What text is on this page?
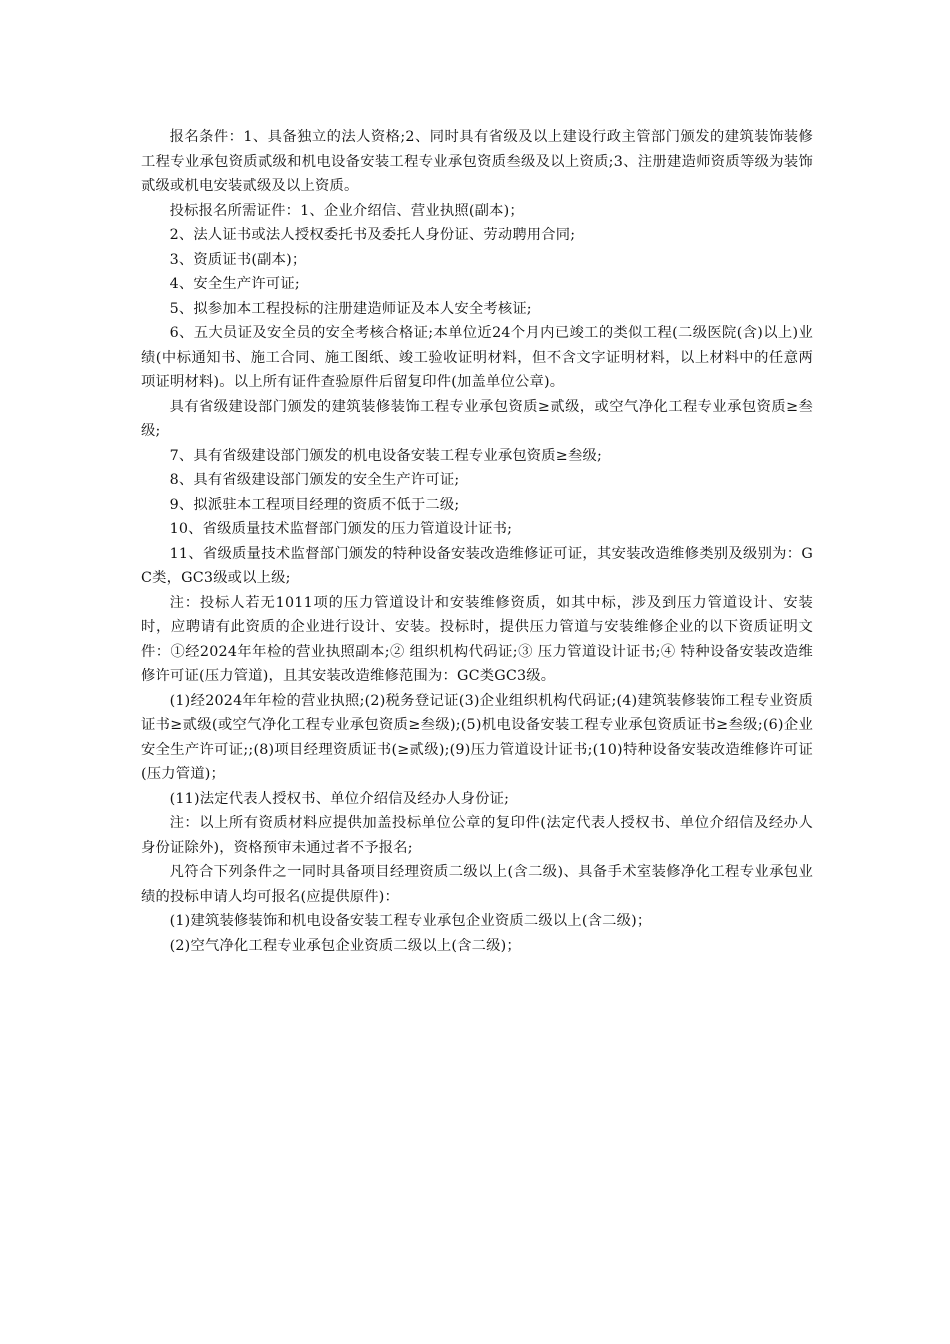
报名条件：1、具备独立的法人资格;2、同时具有省级及以上建设行政主管部门颁发的建筑装饰装修工程专业承包资质贰级和机电设备安装工程专业承包资质叁级及以上资质;3、注册建造师资质等级为装饰贰级或机电安装贰级及以上资质。

投标报名所需证件：1、企业介绍信、营业执照(副本)；

2、法人证书或法人授权委托书及委托人身份证、劳动聘用合同;

3、资质证书(副本)；

4、安全生产许可证;

5、拟参加本工程投标的注册建造师证及本人安全考核证;

6、五大员证及安全员的安全考核合格证;本单位近24个月内已竣工的类似工程(二级医院(含)以上)业绩(中标通知书、施工合同、施工图纸、竣工验收证明材料，但不含文字证明材料，以上材料中的任意两项证明材料)。以上所有证件查验原件后留复印件(加盖单位公章)。

具有省级建设部门颁发的建筑装修装饰工程专业承包资质≥贰级，或空气净化工程专业承包资质≥叁级;

7、具有省级建设部门颁发的机电设备安装工程专业承包资质≥叁级;

8、具有省级建设部门颁发的安全生产许可证;

9、拟派驻本工程项目经理的资质不低于二级;

10、省级质量技术监督部门颁发的压力管道设计证书;

11、省级质量技术监督部门颁发的特种设备安装改造维修证可证，其安装改造维修类别及级别为：GC类，GC3级或以上级;

注：投标人若无1011项的压力管道设计和安装维修资质，如其中标，涉及到压力管道设计、安装时，应聘请有此资质的企业进行设计、安装。投标时，提供压力管道与安装维修企业的以下资质证明文件：①经2024年年检的营业执照副本;② 组织机构代码证;③ 压力管道设计证书;④ 特种设备安装改造维修许可证(压力管道)，且其安装改造维修范围为：GC类GC3级。

(1)经2024年年检的营业执照;(2)税务登记证(3)企业组织机构代码证;(4)建筑装修装饰工程专业资质证书≥贰级(或空气净化工程专业承包资质≥叁级);(5)机电设备安装工程专业承包资质证书≥叁级;(6)企业安全生产许可证;;(8)项目经理资质证书(≥贰级);(9)压力管道设计证书;(10)特种设备安装改造维修许可证(压力管道)；

(11)法定代表人授权书、单位介绍信及经办人身份证;

注：以上所有资质材料应提供加盖投标单位公章的复印件(法定代表人授权书、单位介绍信及经办人身份证除外)，资格预审未通过者不予报名;

凡符合下列条件之一同时具备项目经理资质二级以上(含二级)、具备手术室装修净化工程专业承包业绩的投标申请人均可报名(应提供原件)：

(1)建筑装修装饰和机电设备安装工程专业承包企业资质二级以上(含二级)；

(2)空气净化工程专业承包企业资质二级以上(含二级)；
